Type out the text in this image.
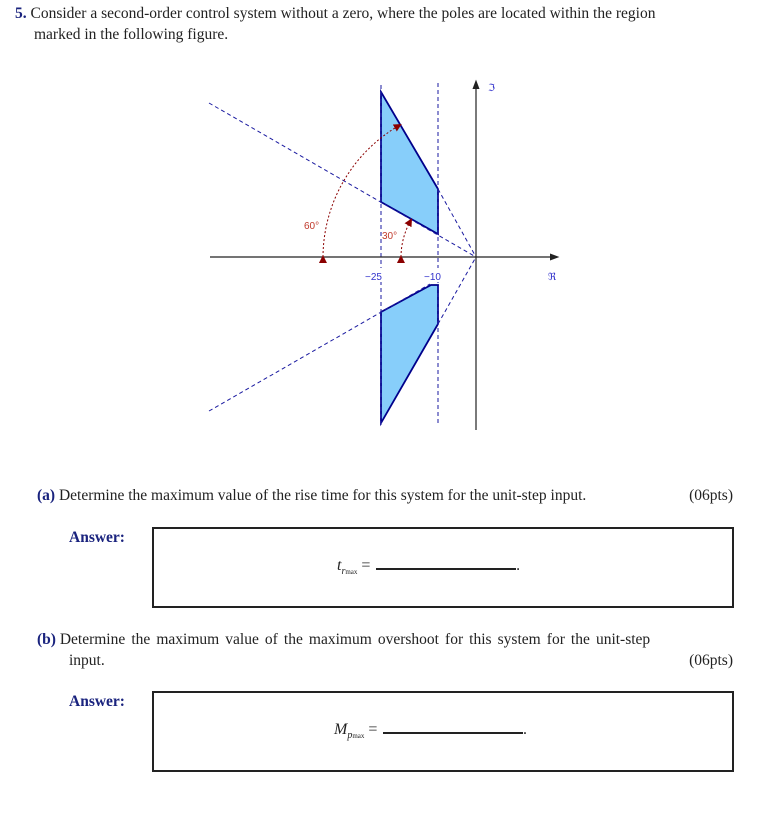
5. Consider a second-order control system without a zero, where the poles are located within the region
marked in the following figure.
60°
30°
−25	−10	ℜ
ℑ
(a) Determine the maximum value of the rise time for this system for the unit-step input.	(06pts)
Answer:
$t_{rmax}$ =	.
(b) Determine the maximum value of the maximum overshoot for this system for the unit-step
input.	(06pts)
Answer:
$M_{pmax}$ =	.
